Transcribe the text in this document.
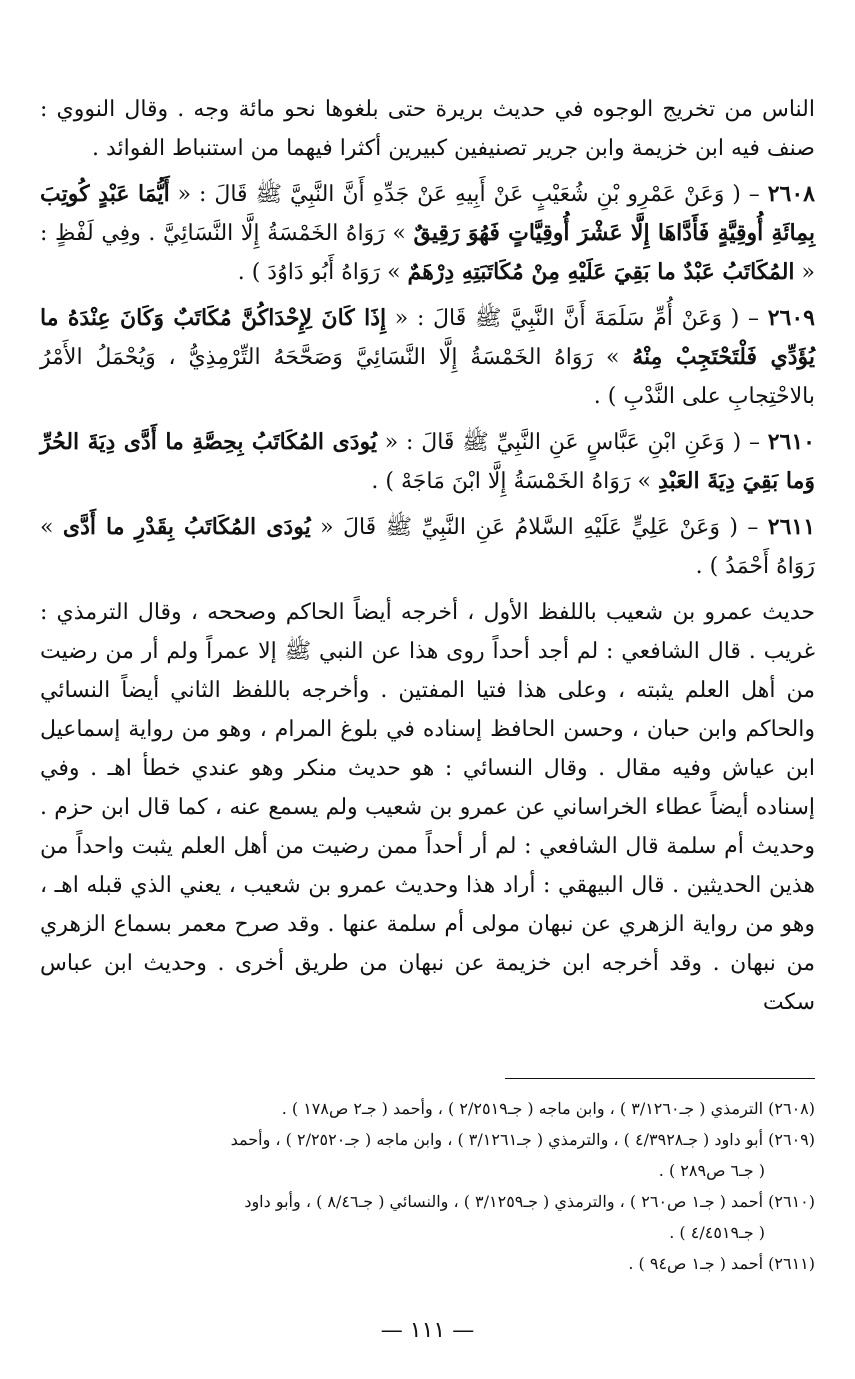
الناس من تخريج الوجوه في حديث بريرة حتى بلغوها نحو مائة وجه . وقال النووي : صنف فيه ابن خزيمة وابن جرير تصنيفين كبيرين أكثرا فيهما من استنباط الفوائد .

٢٦٠٨ – ( وَعَنْ عَمْرِو بْنِ شُعَيْبٍ عَنْ أَبِيهِ عَنْ جَدِّهِ أَنَّ النَّبِيَّ ﷺ قَالَ : « أَيُّمَا عَبْدٍ كُوتِبَ بِمِائَةِ أُوقِيَّةٍ فَأَدَّاهَا إِلَّا عَشْرَ أُوقِيَّاتٍ فَهُوَ رَقِيقٌ » رَوَاهُ الخَمْسَةُ إِلَّا النَّسَائِيَّ . وفِي لَفْظٍ : « المُكَاتَبُ عَبْدٌ ما بَقِيَ عَلَيْهِ مِنْ مُكَاتَبَتِهِ دِرْهَمٌ » رَوَاهُ أَبُو دَاوُدَ ) .

٢٦٠٩ – ( وَعَنْ أُمِّ سَلَمَةَ أَنَّ النَّبِيَّ ﷺ قَالَ : « إِذَا كَانَ لِإِحْدَاكُنَّ مُكَاتَبٌ وَكَانَ عِنْدَهُ ما يُؤَدِّي فَلْتَحْتَجِبْ مِنْهُ » رَوَاهُ الخَمْسَةُ إِلَّا النَّسَائِيَّ وَصَحَّحَهُ التِّرْمِذِيُّ ، وَيُحْمَلُ الأَمْرُ بالاحْتِجابِ على النَّدْبِ ) .

٢٦١٠ – ( وَعَنِ ابْنِ عَبَّاسٍ عَنِ النَّبِيِّ ﷺ قَالَ : « يُودَى المُكَاتَبُ بِحِصَّةِ ما أَدَّى دِيَةَ الحُرِّ وَما بَقِيَ دِيَةَ العَبْدِ » رَوَاهُ الخَمْسَةُ إِلَّا ابْنَ مَاجَهْ ) .

٢٦١١ – ( وَعَنْ عَلِيٍّ عَلَيْهِ السَّلامُ عَنِ النَّبِيِّ ﷺ قَالَ « يُودَى المُكَاتَبُ بِقَدْرِ ما أَدَّى » رَوَاهُ أَحْمَدُ ) .

حديث عمرو بن شعيب باللفظ الأول ، أخرجه أيضاً الحاكم وصححه ، وقال الترمذي : غريب . قال الشافعي : لم أجد أحداً روى هذا عن النبي ﷺ إلا عمراً ولم أر من رضيت من أهل العلم يثبته ، وعلى هذا فتيا المفتين . وأخرجه باللفظ الثاني أيضاً النسائي والحاكم وابن حبان ، وحسن الحافظ إسناده في بلوغ المرام ، وهو من رواية إسماعيل ابن عياش وفيه مقال . وقال النسائي : هو حديث منكر وهو عندي خطأ اهـ . وفي إسناده أيضاً عطاء الخراساني عن عمرو بن شعيب ولم يسمع عنه ، كما قال ابن حزم . وحديث أم سلمة قال الشافعي : لم أر أحداً ممن رضيت من أهل العلم يثبت واحداً من هذين الحديثين . قال البيهقي : أراد هذا وحديث عمرو بن شعيب ، يعني الذي قبله اهـ ، وهو من رواية الزهري عن نبهان مولى أم سلمة عنها . وقد صرح معمر بسماع الزهري من نبهان . وقد أخرجه ابن خزيمة عن نبهان من طريق أخرى . وحديث ابن عباس سكت

(٢٦٠٨) الترمذي ( جـ٣/١٢٦٠ ) ، وابن ماجه ( جـ٢/٢٥١٩ ) ، وأحمد ( جـ٢ ص١٧٨ ) .

(٢٦٠٩) أبو داود ( جـ٤/٣٩٢٨ ) ، والترمذي ( جـ٣/١٢٦١ ) ، وابن ماجه ( جـ٢/٢٥٢٠ ) ، وأحمد

( جـ٦ ص٢٨٩ ) .

(٢٦١٠) أحمد ( جـ١ ص٢٦٠ ) ، والترمذي ( جـ٣/١٢٥٩ ) ، والنسائي ( جـ٨/٤٦ ) ، وأبو داود

( جـ٤/٤٥١٩ ) .

(٢٦١١) أحمد ( جـ١ ص٩٤ ) .

— ١١١ —
